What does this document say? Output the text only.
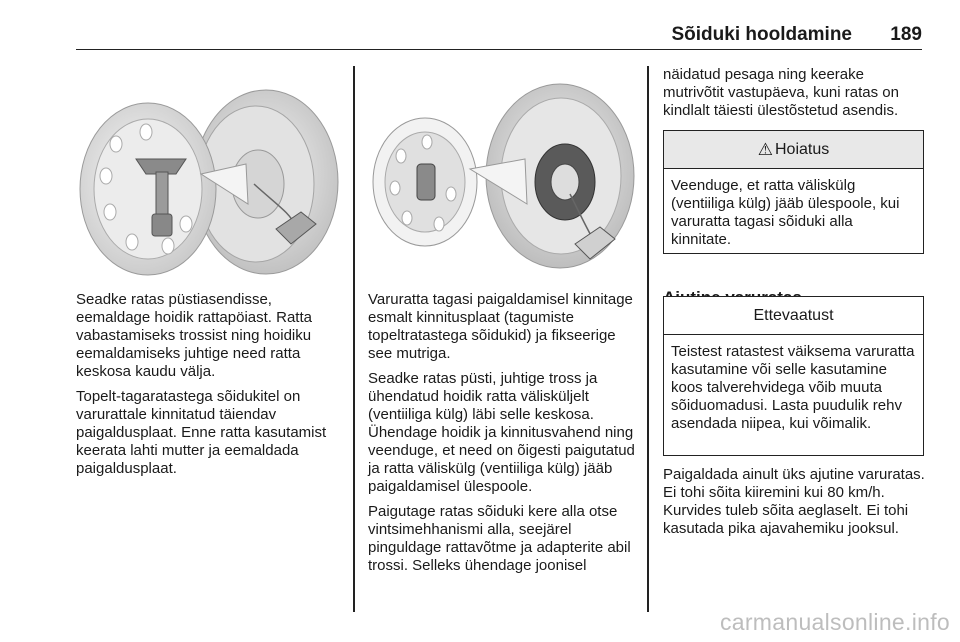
Sõiduki hooldamine 189

Seadke ratas püstiasendisse, eemaldage hoidik rattapöiast. Ratta vabastamiseks trossist ning hoidiku eemaldamiseks juhtige need ratta keskosa kaudu välja.

Topelt-tagaratastega sõidukitel on varurattale kinnitatud täiendav paigaldusplaat. Enne ratta kasutamist keerata lahti mutter ja eemaldada paigaldusplaat.

Varuratta tagasi paigaldamisel kinnitage esmalt kinnitusplaat (tagumiste topeltratastega sõidukid) ja fikseerige see mutriga.

Seadke ratas püsti, juhtige tross ja ühendatud hoidik ratta välisküljelt (ventiiliga külg) läbi selle keskosa. Ühendage hoidik ja kinnitusvahend ning veenduge, et need on õigesti paigutatud ja ratta väliskülg (ventiiliga külg) jääb paigaldamisel ülespoole.

Paigutage ratas sõiduki kere alla otse vintsimehhanismi alla, seejärel pinguldage rattavõtme ja adapterite abil trossi. Selleks ühendage joonisel

näidatud pesaga ning keerake mutrivõtit vastupäeva, kuni ratas on kindlalt täiesti ülestõstetud asendis.

⚠ Hoiatus
Veenduge, et ratta väliskülg (ventiiliga külg) jääb ülespoole, kui varuratta tagasi sõiduki alla kinnitate.
Ettevaatust
Teistest ratastest väiksema varuratta kasutamine või selle kasutamine koos talverehvidega võib muuta sõiduomadusi. Lasta puudulik rehv asendada niipea, kui võimalik.

Paigaldada ainult üks ajutine varuratas. Ei tohi sõita kiiremini kui 80 km/h. Kurvides tuleb sõita aeglaselt. Ei tohi kasutada pika ajavahemiku jooksul.

carmanualsonline.info
